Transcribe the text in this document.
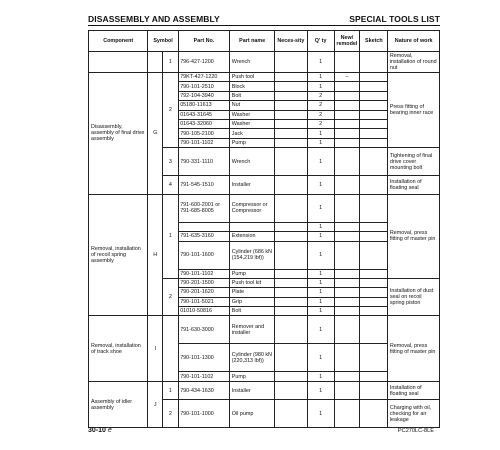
DISASSEMBLY AND ASSEMBLY	SPECIAL TOOLS LIST
Component	Symbol		Part No.	Part name	Neces-sity	Q' ty	New/ remodel	Sketch	Nature of work
		1	796-427-1200	Wrench		1			Removal, installation of round nut
Disassembly, assembly of final drive assembly	G	2	79KT-427-1220	Push tool		1	–		Press fitting of bearing inner race
			790-101-2510	Block		1			
			792-104-3940	Bolt		2			
			05180-11613	Nut		2			
			01643-31645	Washer		2			
			01643-32060	Washer		2			
			790-105-2100	Jack		1			
			790-101-1102	Pump		1			
		3	790-331-1110	Wrench		1			Tightening of final drive cover mounting bolt
		4	791-545-1510	Installer		1			Installation of floating seal
Removal, installation of recoil spring assembly	H	1	791-600-2001 or 791-685-8005	Compressor or Compressor		1			Removal, press fitting of master pin
						1			
			791-635-3160	Extension		1			
			790-101-1600	Cylinder (686 kN (154,219 lbf))		1			
			790-101-1102	Pump		1			
		2	790-201-1500	Push tool kit		1			Installation of dust seal on recoil spring piston
			790-201-1620	Plate		1			
			790-101-5021	Grip		1			
			01010-50816	Bolt		1			
Removal, installation of track shoe	I		791-630-3000	Remover and installer		1			Removal, press fitting of master pin
			790-101-1300	Cylinder (980 kN (220,313 lbf))		1			
			790-101-1102	Pump		1			
Assembly of idler assembly	J	1	790-434-1630	Installer		1			Installation of floating seal
		2	790-101-1000	Oil pump		1			Charging with oil, checking for air leakage
30-10 e	PC270LC-8LE
